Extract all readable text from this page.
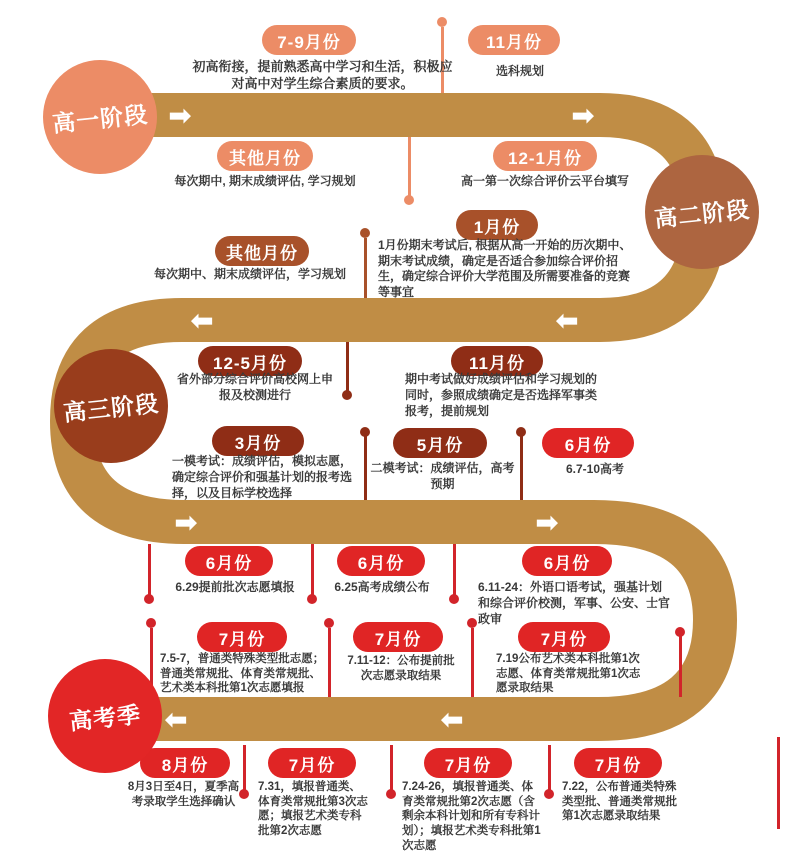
➡	➡
⬅	⬅
➡	➡
⬇
⬅	⬅
高一阶段
高二阶段
高三阶段
高考季
7-9月份
初高衔接，提前熟悉高中学习和生活，积极应对高中对学生综合素质的要求。
11月份
选科规划
其他月份
每次期中, 期末成绩评估, 学习规划
12-1月份
高一第一次综合评价云平台填写
1月份
1月份期末考试后, 根据从高一开始的历次期中、期末考试成绩，确定是否适合参加综合评价招生，确定综合评价大学范围及所需要准备的竞赛等事宜
其他月份
每次期中、期末成绩评估，学习规划
12-5月份
省外部分综合评价高校网上申报及校测进行
11月份
期中考试做好成绩评估和学习规划的同时，参照成绩确定是否选择军事类报考，提前规划
3月份
一模考试：成绩评估，模拟志愿，确定综合评价和强基计划的报考选择，以及目标学校选择
5月份
二模考试：成绩评估，高考预期
6月份
6.7-10高考
6月份
6.29提前批次志愿填报
6月份
6.25高考成绩公布
6月份
6.11-24：外语口语考试，强基计划和综合评价校测，军事、公安、士官政审
7月份
7.5-7，普通类特殊类型批志愿；普通类常规批、体育类常规批、艺术类本科批第1次志愿填报
7月份
7.11-12：公布提前批次志愿录取结果
7月份
7.19公布艺术类本科批第1次志愿、体育类常规批第1次志愿录取结果
8月份
8月3日至4日，夏季高考录取学生选择确认
7月份
7.31，填报普通类、体育类常规批第3次志愿；填报艺术类专科批第2次志愿
7月份
7.24-26，填报普通类、体育类常规批第2次志愿（含剩余本科计划和所有专科计划）；填报艺术类专科批第1次志愿
7月份
7.22，公布普通类特殊类型批、普通类常规批第1次志愿录取结果
